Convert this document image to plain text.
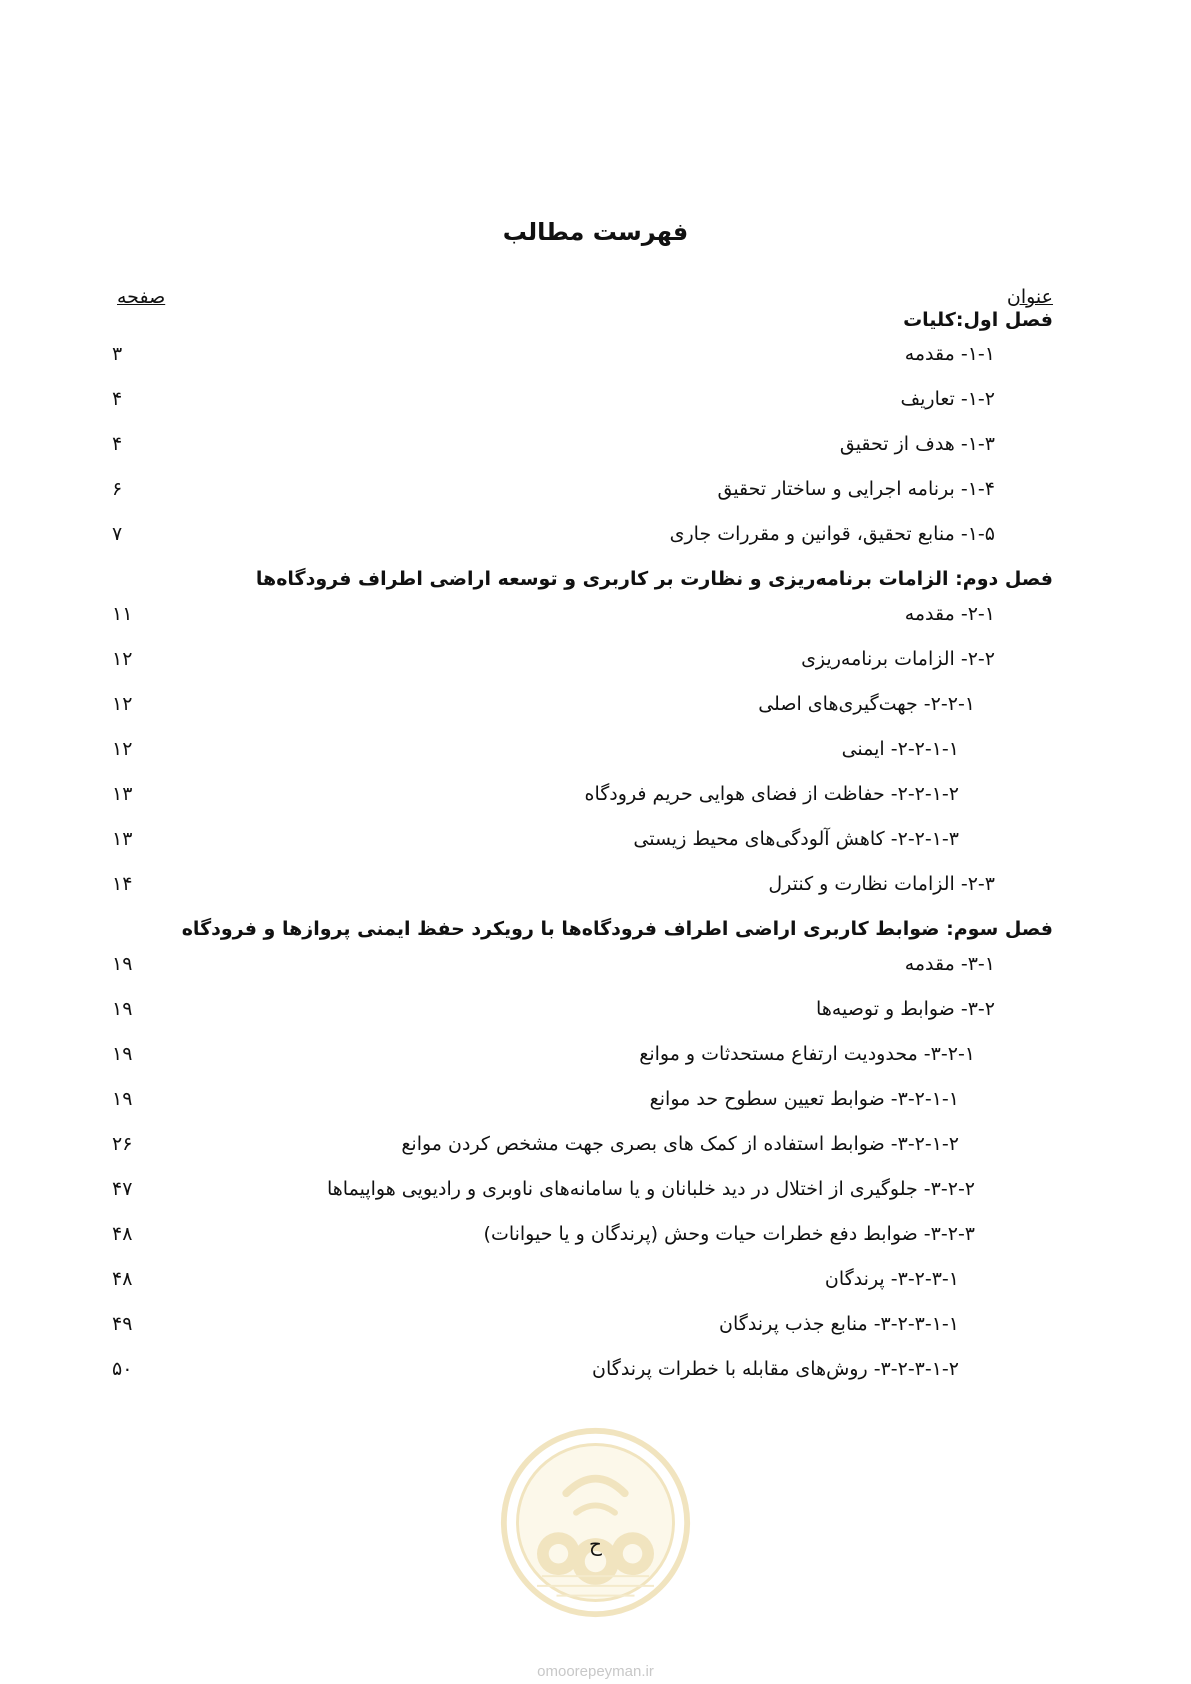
فهرست مطالب
عنوان
صفحه
فصل اول:کلیات
۱-۱- مقدمه
۳
۱-۲- تعاریف
۴
۱-۳- هدف از تحقیق
۴
۱-۴- برنامه اجرایی و ساختار تحقیق
۶
۱-۵- منابع تحقیق، قوانین و مقررات جاری
۷
فصل دوم: الزامات برنامه‌ریزی و نظارت بر کاربری و توسعه اراضی اطراف فرودگاه‌ها
۲-۱- مقدمه
۱۱
۲-۲- الزامات برنامه‌ریزی
۱۲
۲-۲-۱- جهت‌گیری‌های اصلی
۱۲
۲-۲-۱-۱- ایمنی
۱۲
۲-۲-۱-۲- حفاظت از فضای هوایی حریم فرودگاه
۱۳
۲-۲-۱-۳- کاهش آلودگی‌های محیط زیستی
۱۳
۲-۳- الزامات نظارت و کنترل
۱۴
فصل سوم: ضوابط کاربری اراضی اطراف فرودگاه‌ها با رویکرد حفظ ایمنی پروازها و فرودگاه
۳-۱- مقدمه
۱۹
۳-۲- ضوابط و توصیه‌ها
۱۹
۳-۲-۱- محدودیت ارتفاع مستحدثات و موانع
۱۹
۳-۲-۱-۱- ضوابط تعیین سطوح حد موانع
۱۹
۳-۲-۱-۲- ضوابط استفاده از کمک های بصری جهت مشخص کردن موانع
۲۶
۳-۲-۲- جلوگیری از اختلال در دید خلبانان و یا سامانه‌های ناوبری و رادیویی هواپیماها
۴۷
۳-۲-۳- ضوابط دفع خطرات حیات وحش (پرندگان و یا حیوانات)
۴۸
۳-۲-۳-۱- پرندگان
۴۸
۳-۲-۳-۱-۱- منابع جذب پرندگان
۴۹
۳-۲-۳-۱-۲- روش‌های مقابله با خطرات پرندگان
۵۰
ح
omoorepeyman.ir
